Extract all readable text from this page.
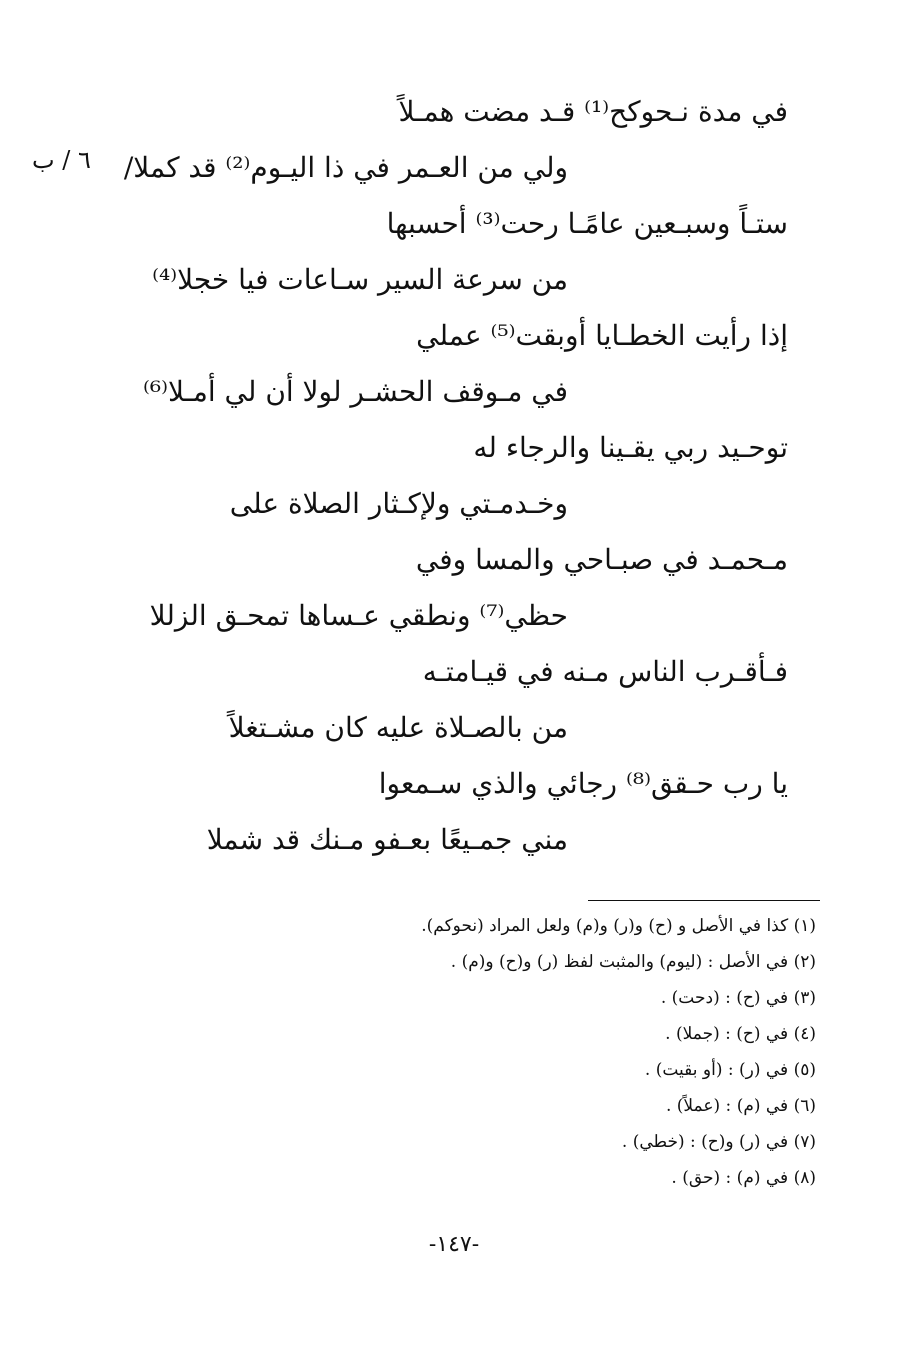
٦ / ب
في مدة نـحوكح⁽¹⁾ قـد مضت همـلاً
ولي من العـمر في ذا اليـوم⁽²⁾ قد كملا/
ستـاً وسبـعين عامًـا رحت⁽³⁾ أحسبها
من سرعة السير سـاعات فيا خجلا⁽⁴⁾
إذا رأيت الخطـايا أوبقت⁽⁵⁾ عملي
في مـوقف الحشـر لولا أن لي أمـلا⁽⁶⁾
توحـيد ربي يقـينا والرجاء له
وخـدمـتي ولإكـثار الصلاة على
مـحمـد في صبـاحي والمسا وفي
حظي⁽⁷⁾ ونطقي عـساها تمحـق الزللا
فـأقـرب الناس مـنه في قيـامتـه
من بالصـلاة عليه كان مشـتغلاً
يا رب حـقق⁽⁸⁾ رجائي والذي سـمعوا
مني جمـيعًا بعـفو مـنك قد شملا
(١) كذا في الأصل و (ح) و(ر) و(م) ولعل المراد (نحوكم).
(٢) في الأصل : (ليوم) والمثبت لفظ (ر) و(ح) و(م) .
(٣) في (ح) : (دحت) .
(٤) في (ح) : (جملا) .
(٥) في (ر) : (أو بقيت) .
(٦) في (م) : (عملاً) .
(٧) في (ر) و(ح) : (خطي) .
(٨) في (م) : (حق) .
-١٤٧-
